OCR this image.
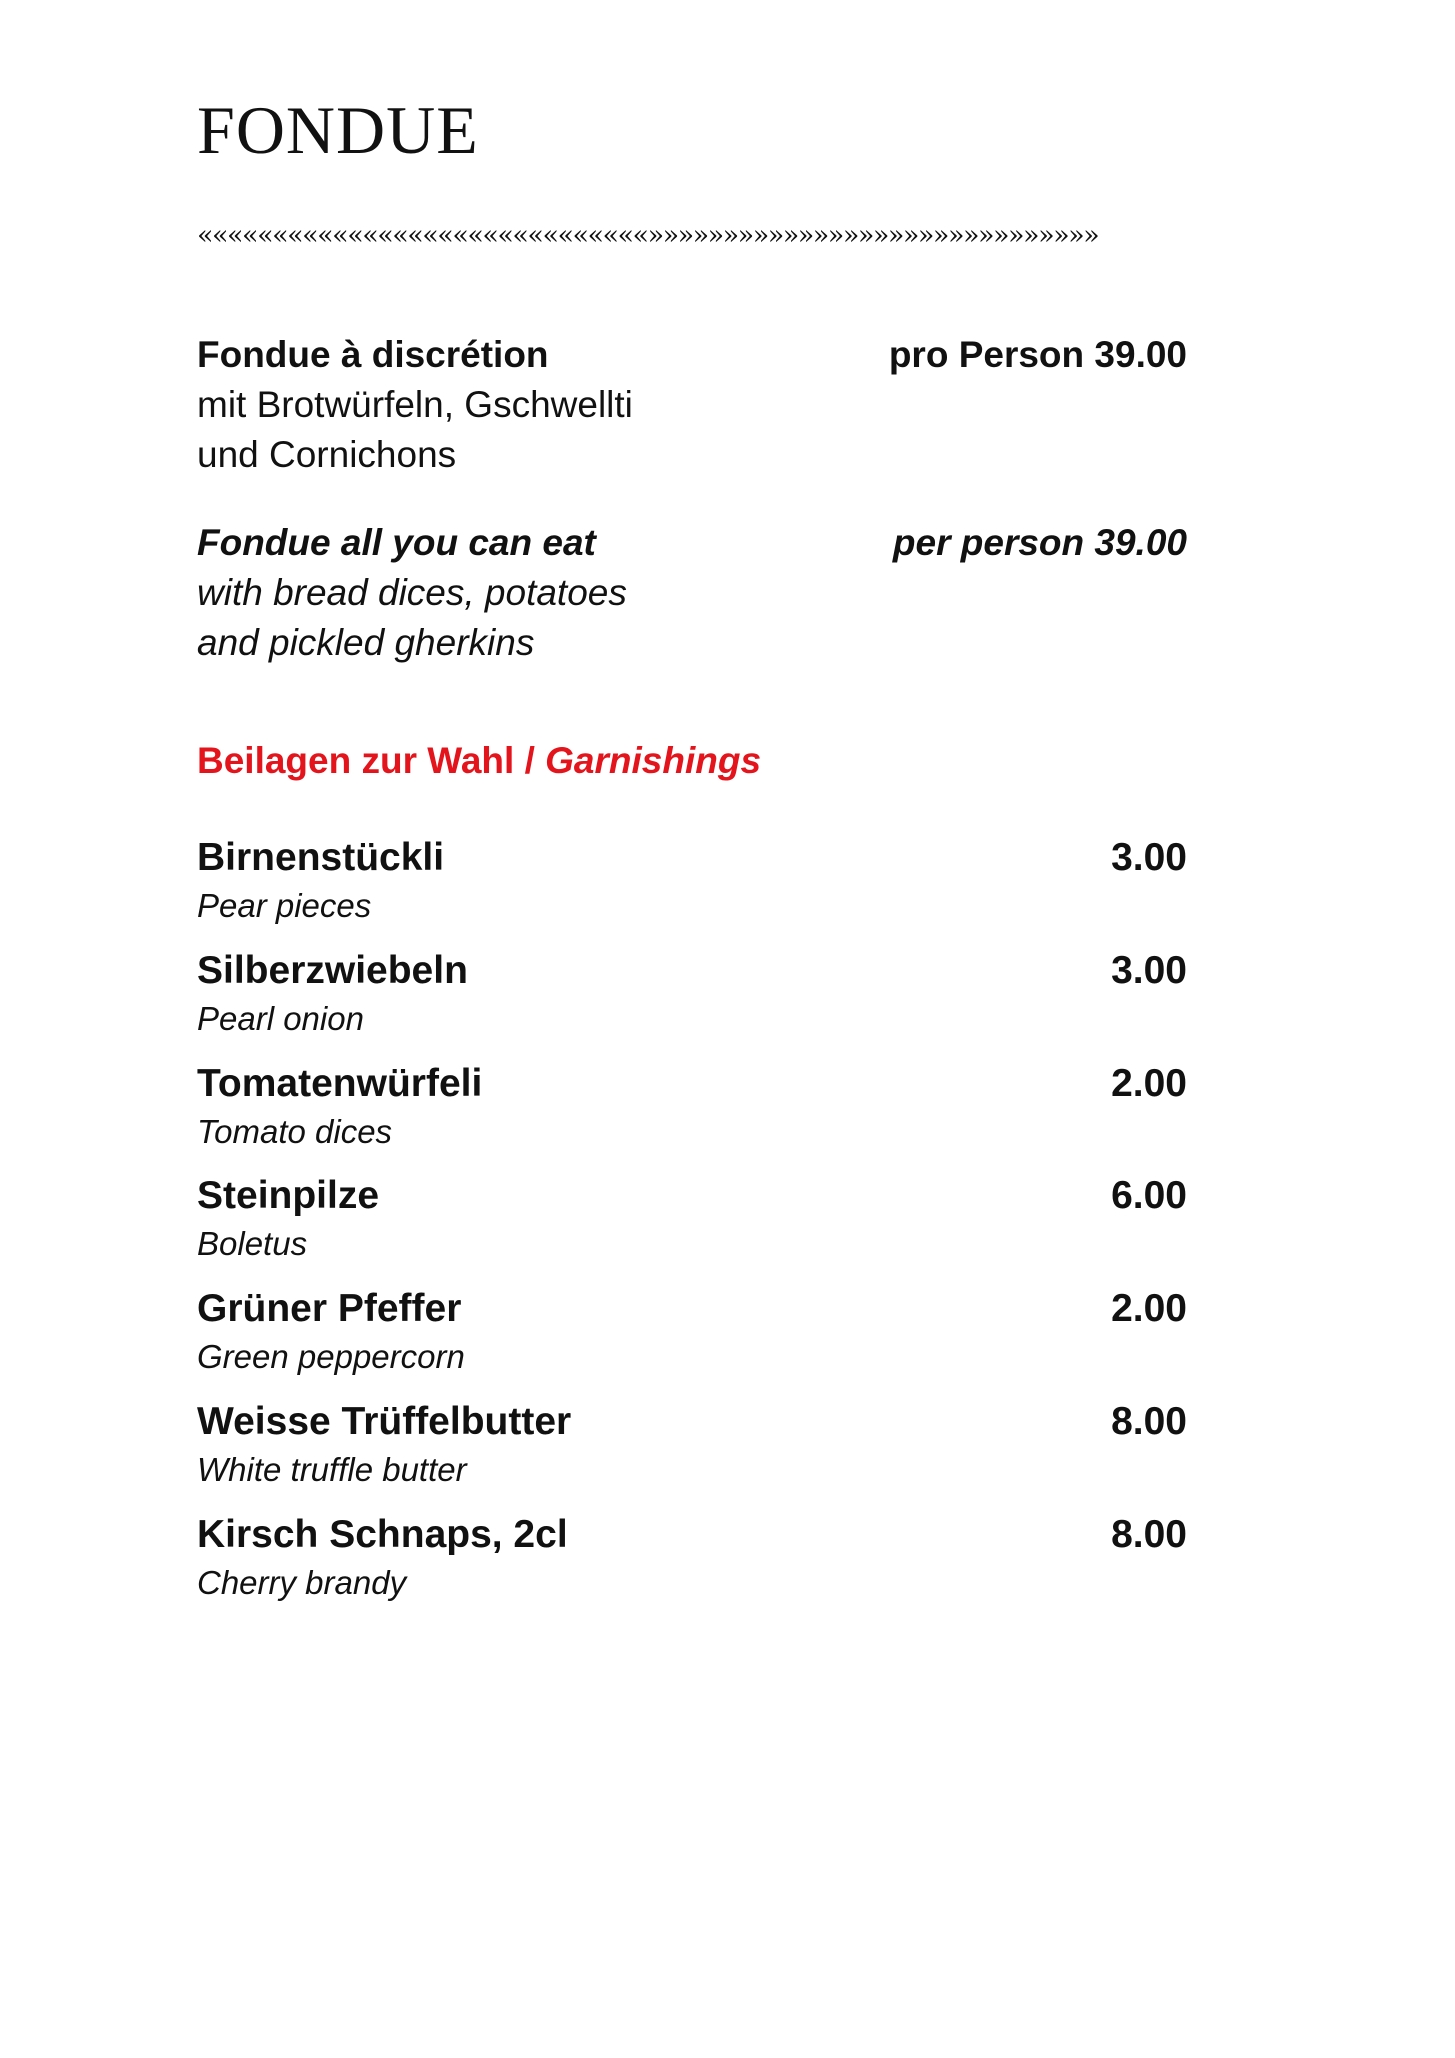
FONDUE
««««««««««««««««««««««««««««««»»»»»»»»»»»»»»»»»»»»»»»»»»»»»»
Fondue à discrétion	pro Person 39.00
mit Brotwürfeln, Gschwellti
und Cornichons
Fondue all you can eat	per person 39.00
with bread dices, potatoes
and pickled gherkins
Beilagen zur Wahl / Garnishings
Birnenstückli	3.00
Pear pieces
Silberzwiebeln	3.00
Pearl onion
Tomatenwürfeli	2.00
Tomato dices
Steinpilze	6.00
Boletus
Grüner Pfeffer	2.00
Green peppercorn
Weisse Trüffelbutter	8.00
White truffle butter
Kirsch Schnaps, 2cl	8.00
Cherry brandy
